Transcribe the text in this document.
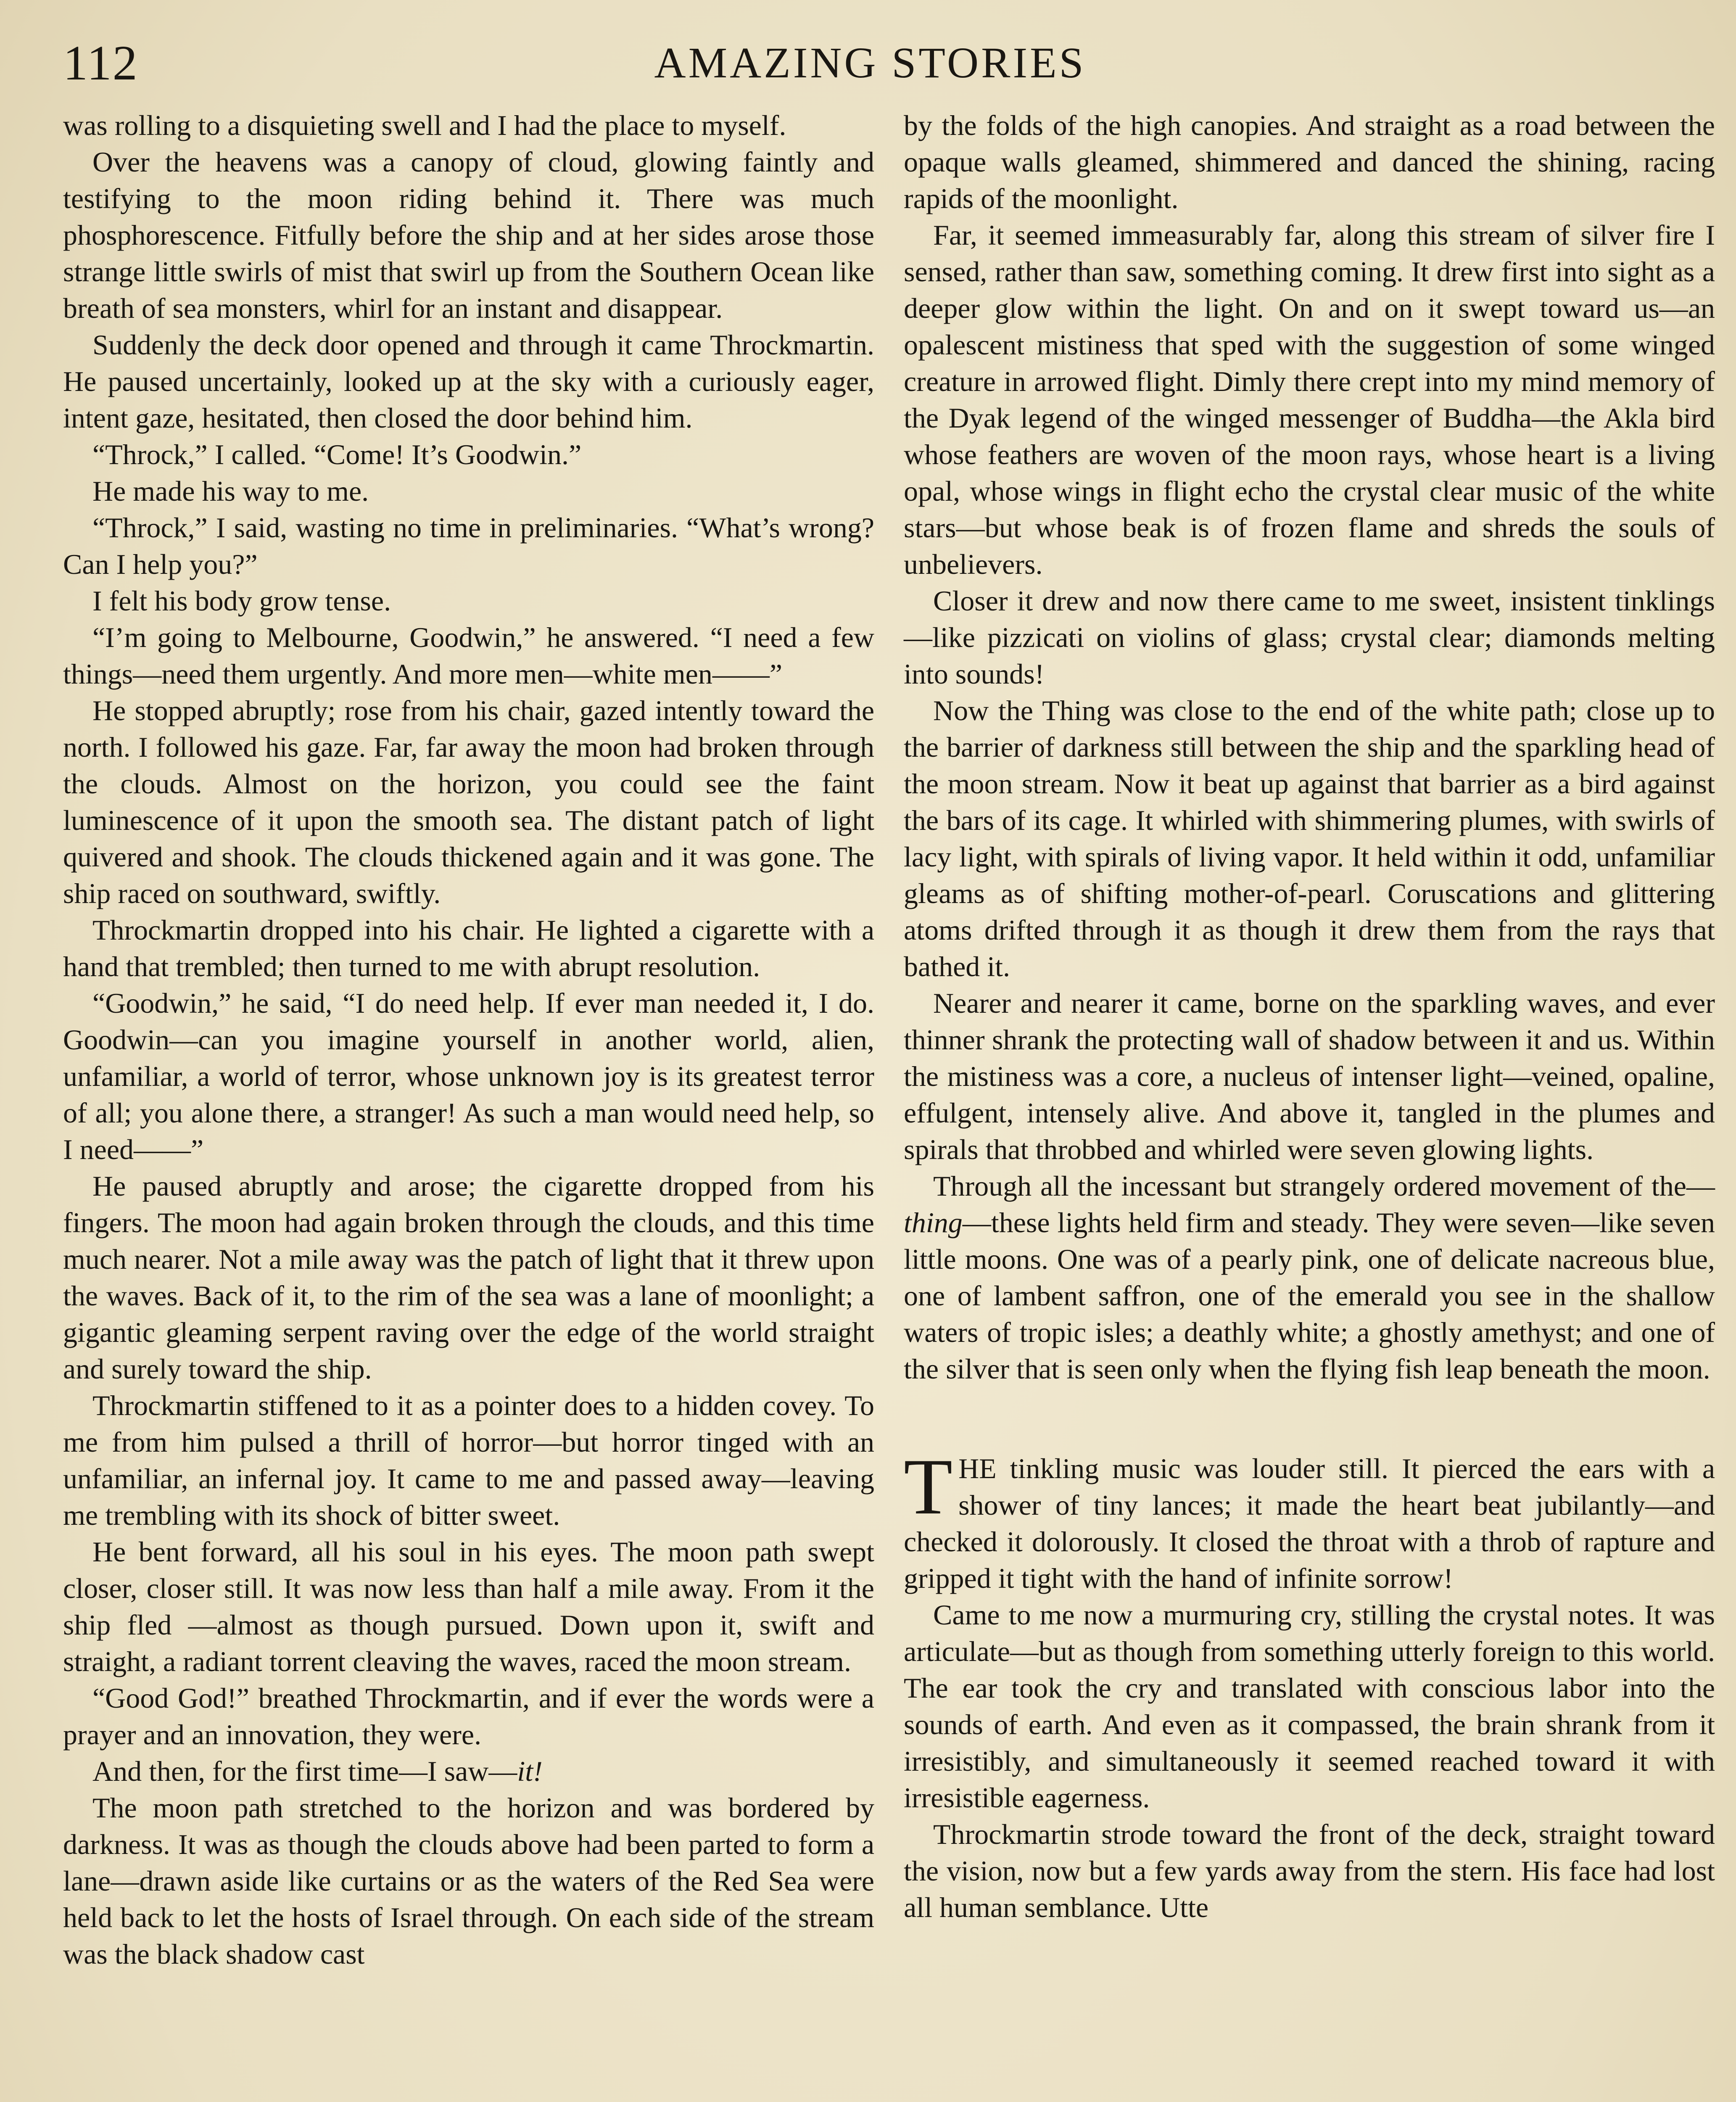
112	AMAZING STORIES

was rolling to a disquieting swell and I had the place to myself.

Over the heavens was a canopy of cloud, glowing faintly and testifying to the moon riding behind it. There was much phosphorescence. Fitfully before the ship and at her sides arose those strange little swirls of mist that swirl up from the Southern Ocean like breath of sea monsters, whirl for an instant and disappear.

Suddenly the deck door opened and through it came Throckmartin. He paused uncertainly, looked up at the sky with a curiously eager, intent gaze, hesitated, then closed the door behind him.

“Throck,” I called. “Come! It’s Goodwin.”

He made his way to me.

“Throck,” I said, wasting no time in preliminaries. “What’s wrong? Can I help you?”

I felt his body grow tense.

“I’m going to Melbourne, Goodwin,” he answered. “I need a few things—need them urgently. And more men—white men——”

He stopped abruptly; rose from his chair, gazed intently toward the north. I followed his gaze. Far, far away the moon had broken through the clouds. Almost on the horizon, you could see the faint luminescence of it upon the smooth sea. The distant patch of light quivered and shook. The clouds thickened again and it was gone. The ship raced on southward, swiftly.

Throckmartin dropped into his chair. He lighted a cigarette with a hand that trembled; then turned to me with abrupt resolution.

“Goodwin,” he said, “I do need help. If ever man needed it, I do. Goodwin—can you imagine yourself in another world, alien, unfamiliar, a world of terror, whose unknown joy is its greatest terror of all; you alone there, a stranger! As such a man would need help, so I need——”

He paused abruptly and arose; the cigarette dropped from his fingers. The moon had again broken through the clouds, and this time much nearer. Not a mile away was the patch of light that it threw upon the waves. Back of it, to the rim of the sea was a lane of moonlight; a gigantic gleaming serpent raving over the edge of the world straight and surely toward the ship.

Throckmartin stiffened to it as a pointer does to a hidden covey. To me from him pulsed a thrill of horror—but horror tinged with an unfamiliar, an infernal joy. It came to me and passed away—leaving me trembling with its shock of bitter sweet.

He bent forward, all his soul in his eyes. The moon path swept closer, closer still. It was now less than half a mile away. From it the ship fled —almost as though pursued. Down upon it, swift and straight, a radiant torrent cleaving the waves, raced the moon stream.

“Good God!” breathed Throckmartin, and if ever the words were a prayer and an innovation, they were.

And then, for the first time—I saw—it!

The moon path stretched to the horizon and was bordered by darkness. It was as though the clouds above had been parted to form a lane—drawn aside like curtains or as the waters of the Red Sea were held back to let the hosts of Israel through. On each side of the stream was the black shadow cast

by the folds of the high canopies. And straight as a road between the opaque walls gleamed, shimmered and danced the shining, racing rapids of the moonlight.

Far, it seemed immeasurably far, along this stream of silver fire I sensed, rather than saw, something coming. It drew first into sight as a deeper glow within the light. On and on it swept toward us—an opalescent mistiness that sped with the suggestion of some winged creature in arrowed flight. Dimly there crept into my mind memory of the Dyak legend of the winged messenger of Buddha—the Akla bird whose feathers are woven of the moon rays, whose heart is a living opal, whose wings in flight echo the crystal clear music of the white stars—but whose beak is of frozen flame and shreds the souls of unbelievers.

Closer it drew and now there came to me sweet, insistent tinklings—like pizzicati on violins of glass; crystal clear; diamonds melting into sounds!

Now the Thing was close to the end of the white path; close up to the barrier of darkness still between the ship and the sparkling head of the moon stream. Now it beat up against that barrier as a bird against the bars of its cage. It whirled with shimmering plumes, with swirls of lacy light, with spirals of living vapor. It held within it odd, unfamiliar gleams as of shifting mother-of-pearl. Coruscations and glittering atoms drifted through it as though it drew them from the rays that bathed it.

Nearer and nearer it came, borne on the sparkling waves, and ever thinner shrank the protecting wall of shadow between it and us. Within the mistiness was a core, a nucleus of intenser light—veined, opaline, effulgent, intensely alive. And above it, tangled in the plumes and spirals that throbbed and whirled were seven glowing lights.

Through all the incessant but strangely ordered movement of the—thing—these lights held firm and steady. They were seven—like seven little moons. One was of a pearly pink, one of delicate nacreous blue, one of lambent saffron, one of the emerald you see in the shallow waters of tropic isles; a deathly white; a ghostly amethyst; and one of the silver that is seen only when the flying fish leap beneath the moon.

THE tinkling music was louder still. It pierced the ears with a shower of tiny lances; it made the heart beat jubilantly—and checked it dolorously. It closed the throat with a throb of rapture and gripped it tight with the hand of infinite sorrow!

Came to me now a murmuring cry, stilling the crystal notes. It was articulate—but as though from something utterly foreign to this world. The ear took the cry and translated with conscious labor into the sounds of earth. And even as it compassed, the brain shrank from it irresistibly, and simultaneously it seemed reached toward it with irresistible eagerness.

Throckmartin strode toward the front of the deck, straight toward the vision, now but a few yards away from the stern. His face had lost all human semblance. Utte
